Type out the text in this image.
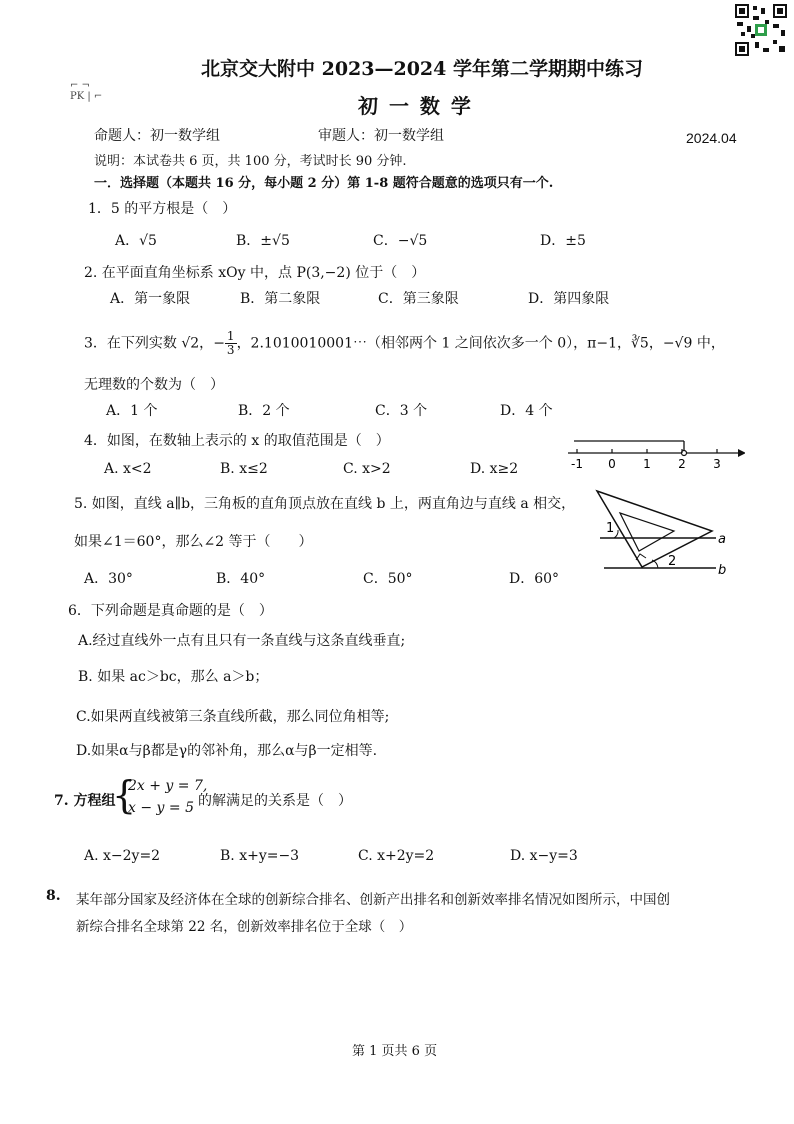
⌐ ¬
PK | ⌐
北京交大附中 2023—2024 学年第二学期期中练习
初 一 数 学
命题人：初一数学组	审题人：初一数学组	2024.04
说明：本试卷共 6 页，共 100 分，考试时长 90 分钟.
一．选择题（本题共 16 分，每小题 2 分）第 1-8 题符合题意的选项只有一个.
1．5 的平方根是（　）
A．√5	B．±√5	C．−√5	D．±5
2. 在平面直角坐标系 xOy 中，点 P(3,−2) 位于（　）
A．第一象限	B．第二象限	C．第三象限	D．第四象限
3．在下列实数 √2，− $\frac{1}{3}$ ，2.1010010001⋯（相邻两个 1 之间依次多一个 0），π−1，∛5，−√9 中，
无理数的个数为（　）
A．1 个	B．2 个	C．3 个	D．4 个
4．如图，在数轴上表示的 x 的取值范围是（　）
A. x<2	B. x≤2	C. x>2	D. x≥2	-1 0 1 2 3
5. 如图，直线 a∥b，三角板的直角顶点放在直线 b 上，两直角边与直线 a 相交，
如果∠1＝60°，那么∠2 等于（　　）
A．30°	B．40°	C．50°	D．60°
1
2
a
b
6．下列命题是真命题的是（　）
A.经过直线外一点有且只有一条直线与这条直线垂直;
B. 如果 ac＞bc，那么 a＞b；
C.如果两直线被第三条直线所截，那么同位角相等;
D.如果α与β都是γ的邻补角，那么α与β一定相等.
7. 方程组
{
2x + y = 7,
x − y = 5 的解满足的关系是（　）
A. x−2y=2	B. x+y=−3	C. x+2y=2	D. x−y=3
8. 某年部分国家及经济体在全球的创新综合排名、创新产出排名和创新效率排名情况如图所示，中国创
新综合排名全球第 22 名，创新效率排名位于全球（　）
第 1 页共 6 页
